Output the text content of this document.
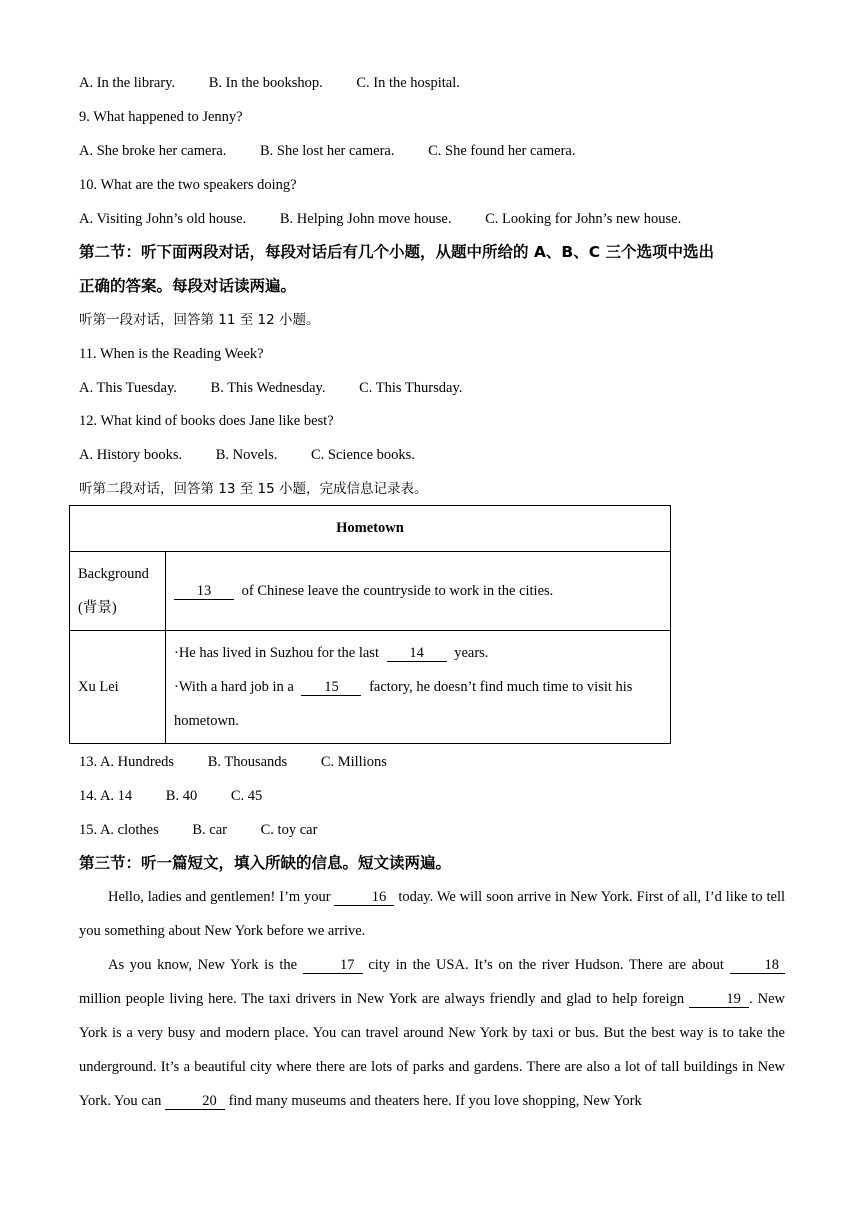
A. In the library. B. In the bookshop. C. In the hospital.
9. What happened to Jenny?
A. She broke her camera. B. She lost her camera. C. She found her camera.
10. What are the two speakers doing?
A. Visiting John’s old house. B. Helping John move house. C. Looking for John’s new house.
第二节：听下面两段对话，每段对话后有几个小题，从题中所给的 A、B、C 三个选项中选出
正确的答案。每段对话读两遍。
听第一段对话，回答第 11 至 12 小题。
11. When is the Reading Week?
A. This Tuesday. B. This Wednesday. C. This Thursday.
12. What kind of books does Jane like best?
A. History books. B. Novels. C. Science books.
听第二段对话，回答第 13 至 15 小题，完成信息记录表。
Hometown	

Background
(背景)	13 of Chinese leave the countryside to work in the cities.
Xu Lei	·He has lived in Suzhou for the last 14 years.
·With a hard job in a 15 factory, he doesn’t find much time to visit his
hometown.
13. A. Hundreds B. Thousands C. Millions
14. A. 14 B. 40 C. 45
15. A. clothes B. car C. toy car
第三节：听一篇短文，填入所缺的信息。短文读两遍。
Hello, ladies and gentlemen! I’m your	16 today. We will soon arrive in New York. First of all, I’d like to tell you something about New York before we arrive.
As you know, New York is the	17 city in the USA. It’s on the river Hudson. There are about	18 million people living here. The taxi drivers in New York are always friendly and glad to help foreign	19 . New York is a very busy and modern place. You can travel around New York by taxi or bus. But the best way is to take the underground. It’s a beautiful city where there are lots of parks and gardens. There are also a lot of tall buildings in New York. You can	20 find many museums and theaters here. If you love shopping, New York
